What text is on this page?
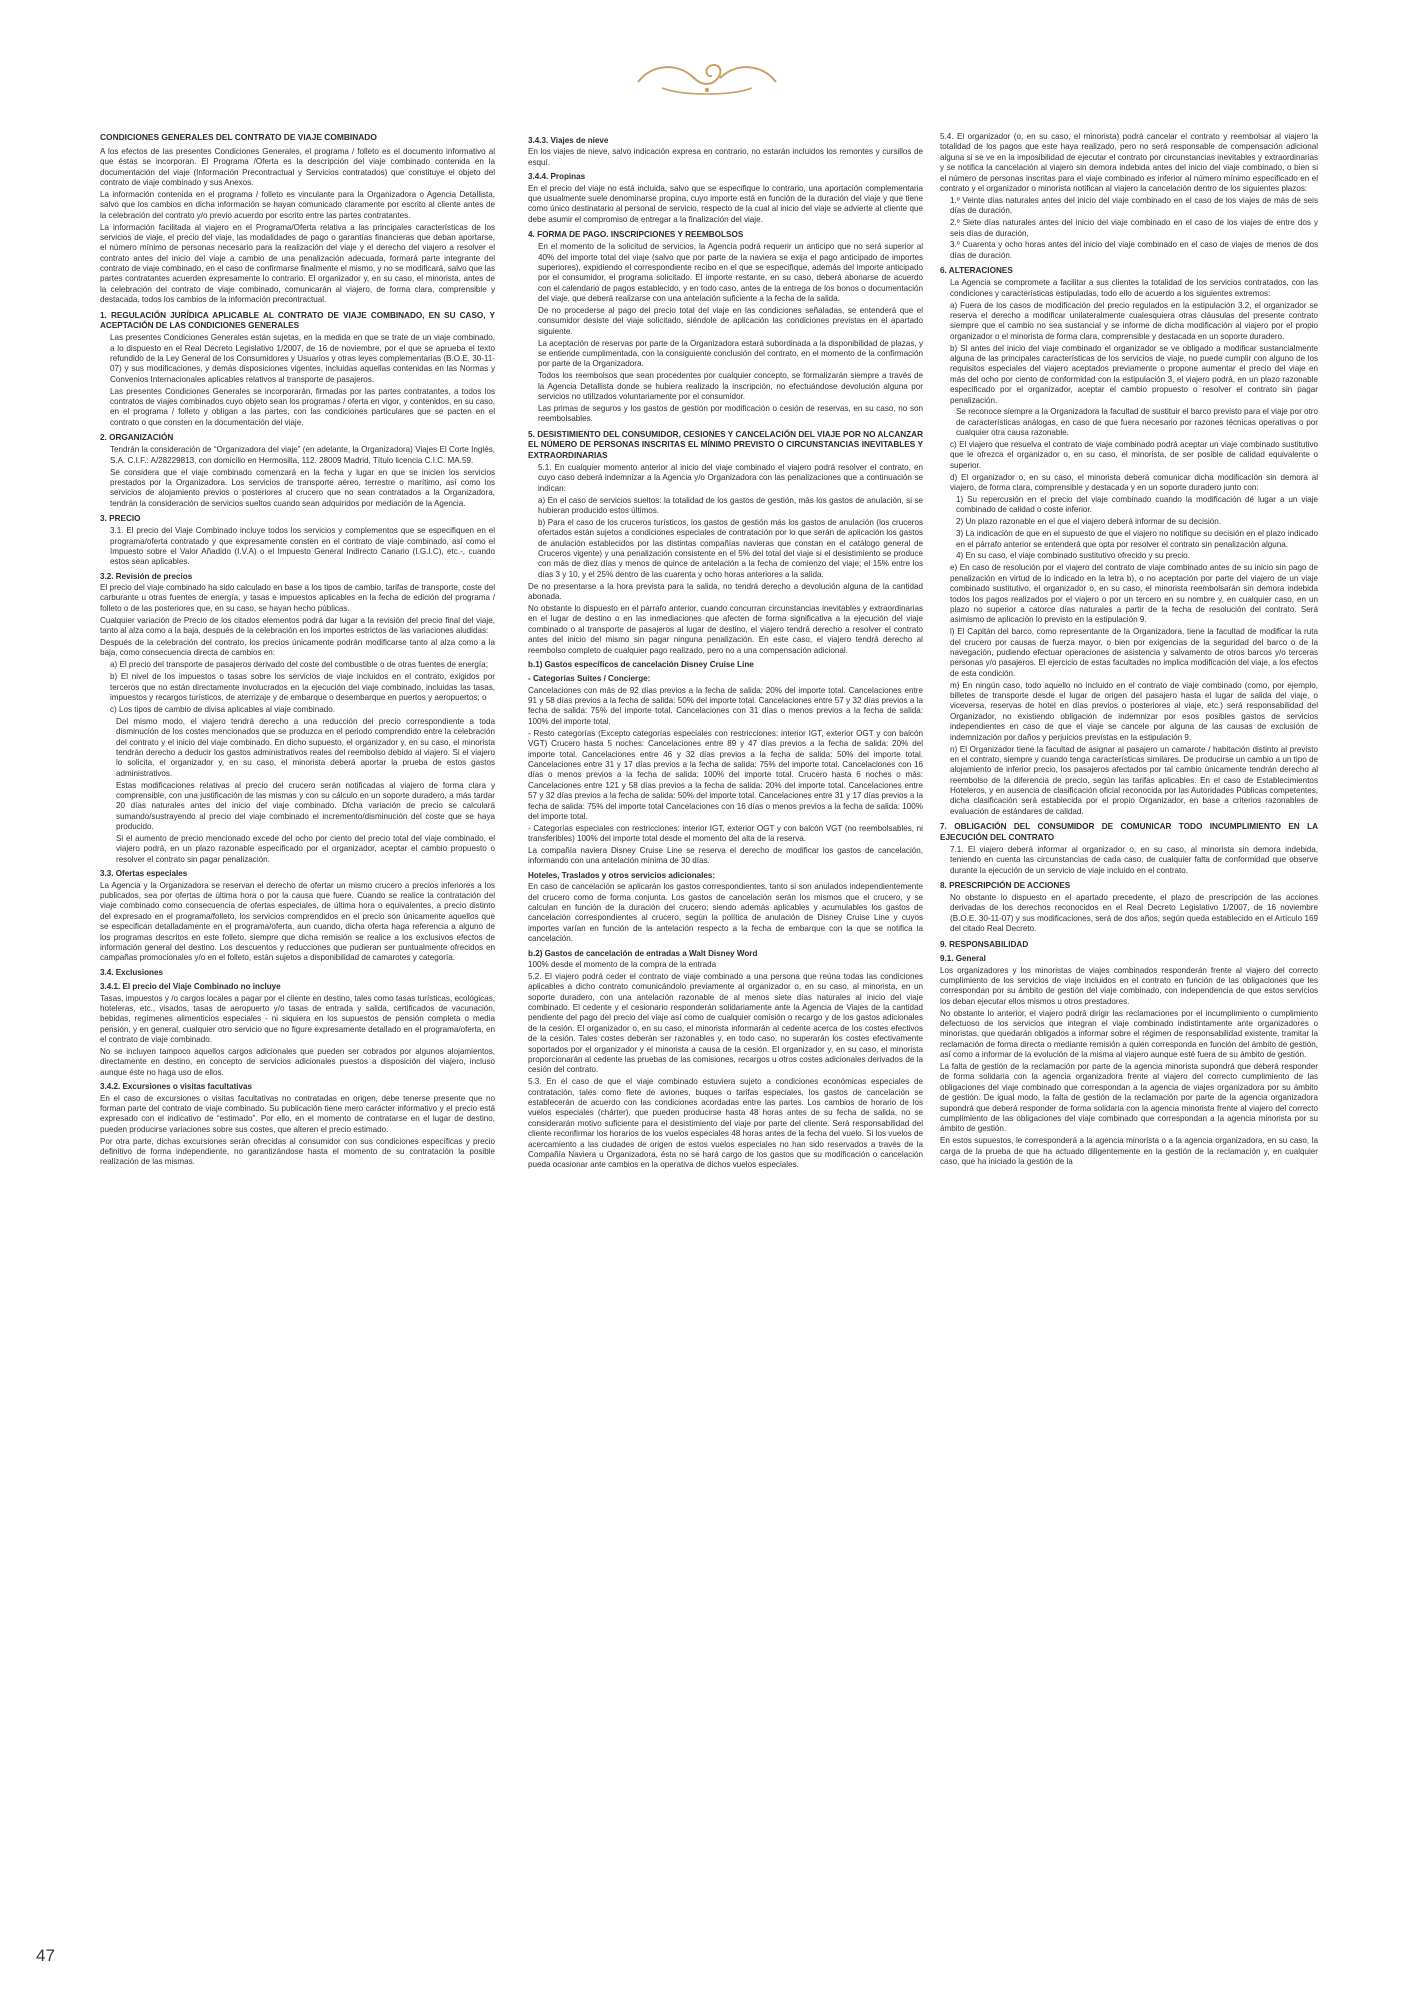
CONDICIONES GENERALES DEL CONTRATO DE VIAJE COMBINADO

A los efectos de las presentes Condiciones Generales, el programa / folleto es el documento informativo al que éstas se incorporan. El Programa /Oferta es la descripción del viaje combinado contenida en la documentación del viaje (Información Precontractual y Servicios contratados) que constituye el objeto del contrato de viaje combinado y sus Anexos.

La información contenida en el programa / folleto es vinculante para la Organizadora o Agencia Detallista, salvo que los cambios en dicha información se hayan comunicado claramente por escrito al cliente antes de la celebración del contrato y/o previo acuerdo por escrito entre las partes contratantes.

La información facilitada al viajero en el Programa/Oferta relativa a las principales características de los servicios de viaje, el precio del viaje, las modalidades de pago o garantías financieras que deban aportarse, el número mínimo de personas necesario para la realización del viaje y el derecho del viajero a resolver el contrato antes del inicio del viaje a cambio de una penalización adecuada, formará parte integrante del contrato de viaje combinado, en el caso de confirmarse finalmente el mismo, y no se modificará, salvo que las partes contratantes acuerden expresamente lo contrario. El organizador y, en su caso, el minorista, antes de la celebración del contrato de viaje combinado, comunicarán al viajero, de forma clara, comprensible y destacada, todos los cambios de la información precontractual.

1. REGULACIÓN JURÍDICA APLICABLE AL CONTRATO DE VIAJE COMBINADO, EN SU CASO, Y ACEPTACIÓN DE LAS CONDICIONES GENERALES

Las presentes Condiciones Generales están sujetas, en la medida en que se trate de un viaje combinado, a lo dispuesto en el Real Decreto Legislativo 1/2007, de 16 de noviembre, por el que se aprueba el texto refundido de la Ley General de los Consumidores y Usuarios y otras leyes complementarias (B.O.E. 30-11-07) y sus modificaciones, y demás disposiciones vigentes, incluidas aquellas contenidas en las Normas y Convenios Internacionales aplicables relativos al transporte de pasajeros.

Las presentes Condiciones Generales se incorporarán, firmadas por las partes contratantes, a todos los contratos de viajes combinados cuyo objeto sean los programas / oferta en vigor, y contenidos, en su caso, en el programa / folleto y obligan a las partes, con las condiciones particulares que se pacten en el contrato o que consten en la documentación del viaje.

2. ORGANIZACIÓN

Tendrán la consideración de “Organizadora del viaje” (en adelante, la Organizadora) Viajes El Corte Inglés, S.A. C.I.F.: A/28229813, con domicilio en Hermosilla, 112. 28009 Madrid, Título licencia C.I.C. MA.59.

Se considera que el viaje combinado comenzará en la fecha y lugar en que se inicien los servicios prestados por la Organizadora. Los servicios de transporte aéreo, terrestre o marítimo, así como los servicios de alojamiento previos o posteriores al crucero que no sean contratados a la Organizadora, tendrán la consideración de servicios sueltos cuando sean adquiridos por mediación de la Agencia.

3. PRECIO

3.1. El precio del Viaje Combinado incluye todos los servicios y complementos que se especifiquen en el programa/oferta contratado y que expresamente consten en el contrato de viaje combinado, así como el Impuesto sobre el Valor Añadido (I.V.A) o el Impuesto General Indirecto Canario (I.G.I.C), etc.-, cuando estos sean aplicables.

3.2. Revisión de precios

El precio del viaje combinado ha sido calculado en base a los tipos de cambio, tarifas de transporte, coste del carburante u otras fuentes de energía, y tasas e impuestos aplicables en la fecha de edición del programa / folleto o de las posteriores que, en su caso, se hayan hecho públicas.

Cualquier variación de Precio de los citados elementos podrá dar lugar a la revisión del precio final del viaje, tanto al alza como a la baja, después de la celebración en los importes estrictos de las variaciones aludidas:

Después de la celebración del contrato, los precios únicamente podrán modificarse tanto al alza como a la baja, como consecuencia directa de cambios en:

a) El precio del transporte de pasajeros derivado del coste del combustible o de otras fuentes de energía;

b) El nivel de los impuestos o tasas sobre los servicios de viaje incluidos en el contrato, exigidos por terceros que no están directamente involucrados en la ejecución del viaje combinado, incluidas las tasas, impuestos y recargos turísticos, de aterrizaje y de embarque o desembarque en puertos y aeropuertos; o

c) Los tipos de cambio de divisa aplicables al viaje combinado.

Del mismo modo, el viajero tendrá derecho a una reducción del precio correspondiente a toda disminución de los costes mencionados que se produzca en el periodo comprendido entre la celebración del contrato y el inicio del viaje combinado. En dicho supuesto, el organizador y, en su caso, el minorista tendrán derecho a deducir los gastos administrativos reales del reembolso debido al viajero. Si el viajero lo solicita, el organizador y, en su caso, el minorista deberá aportar la prueba de estos gastos administrativos.

Estas modificaciones relativas al precio del crucero serán notificadas al viajero de forma clara y comprensible, con una justificación de las mismas y con su cálculo en un soporte duradero, a más tardar 20 días naturales antes del inicio del viaje combinado. Dicha variación de precio se calculará sumando/sustrayendo al precio del viaje combinado el incremento/disminución del coste que se haya producido.

Si el aumento de precio mencionado excede del ocho por ciento del precio total del viaje combinado, el viajero podrá, en un plazo razonable especificado por el organizador, aceptar el cambio propuesto o resolver el contrato sin pagar penalización.

3.3. Ofertas especiales

La Agencia y la Organizadora se reservan el derecho de ofertar un mismo crucero a precios inferiores a los publicados, sea por ofertas de última hora o por la causa que fuere. Cuando se realice la contratación del viaje combinado como consecuencia de ofertas especiales, de última hora o equivalentes, a precio distinto del expresado en el programa/folleto, los servicios comprendidos en el precio son únicamente aquellos que se especifican detalladamente en el programa/oferta, aun cuando, dicha oferta haga referencia a alguno de los programas descritos en este folleto, siempre que dicha remisión se realice a los exclusivos efectos de información general del destino. Los descuentos y reducciones que pudieran ser puntualmente ofrecidos en campañas promocionales y/o en el folleto, están sujetos a disponibilidad de camarotes y categoría.

3.4. Exclusiones
3.4.1. El precio del Viaje Combinado no incluye

Tasas, impuestos y /o cargos locales a pagar por el cliente en destino, tales como tasas turísticas, ecológicas, hoteleras, etc., visados, tasas de aeropuerto y/o tasas de entrada y salida, certificados de vacunación, bebidas, regímenes alimenticios especiales - ni siquiera en los supuestos de pensión completa o media pensión, y en general, cualquier otro servicio que no figure expresamente detallado en el programa/oferta, en el contrato de viaje combinado.

No se incluyen tampoco aquellos cargos adicionales que pueden ser cobrados por algunos alojamientos, directamente en destino, en concepto de servicios adicionales puestos a disposición del viajero, incluso aunque éste no haga uso de ellos.

3.4.2. Excursiones o visitas facultativas

En el caso de excursiones o visitas facultativas no contratadas en origen, debe tenerse presente que no forman parte del contrato de viaje combinado. Su publicación tiene mero carácter informativo y el precio está expresado con el indicativo de “estimado”. Por ello, en el momento de contratarse en el lugar de destino, pueden producirse variaciones sobre sus costes, que alteren el precio estimado.

Por otra parte, dichas excursiones serán ofrecidas al consumidor con sus condiciones específicas y precio definitivo de forma independiente, no garantizándose hasta el momento de su contratación la posible realización de las mismas.

3.4.3. Viajes de nieve

En los viajes de nieve, salvo indicación expresa en contrario, no estarán incluidos los remontes y cursillos de esquí.

3.4.4. Propinas

En el precio del viaje no está incluida, salvo que se especifique lo contrario, una aportación complementaria que usualmente suele denominarse propina, cuyo importe está en función de la duración del viaje y que tiene como único destinatario al personal de servicio, respecto de la cual al inicio del viaje se advierte al cliente que debe asumir el compromiso de entregar a la finalización del viaje.

4. FORMA DE PAGO. INSCRIPCIONES Y REEMBOLSOS

En el momento de la solicitud de servicios, la Agencia podrá requerir un anticipo que no será superior al 40% del importe total del viaje (salvo que por parte de la naviera se exija el pago anticipado de importes superiores), expidiendo el correspondiente recibo en el que se especifique, además del importe anticipado por el consumidor, el programa solicitado. El importe restante, en su caso, deberá abonarse de acuerdo con el calendario de pagos establecido, y en todo caso, antes de la entrega de los bonos o documentación del viaje, que deberá realizarse con una antelación suficiente a la fecha de la salida.

De no procederse al pago del precio total del viaje en las condiciones señaladas, se entenderá que el consumidor desiste del viaje solicitado, siéndole de aplicación las condiciones previstas en el apartado siguiente.

La aceptación de reservas por parte de la Organizadora estará subordinada a la disponibilidad de plazas, y se entiende cumplimentada, con la consiguiente conclusión del contrato, en el momento de la confirmación por parte de la Organizadora.

Todos los reembolsos que sean procedentes por cualquier concepto, se formalizarán siempre a través de la Agencia Detallista donde se hubiera realizado la inscripción, no efectuándose devolución alguna por servicios no utilizados voluntariamente por el consumidor.

Las primas de seguros y los gastos de gestión por modificación o cesión de reservas, en su caso, no son reembolsables.

5. DESISTIMIENTO DEL CONSUMIDOR, CESIONES Y CANCELACIÓN DEL VIAJE POR NO ALCANZAR EL NÚMERO DE PERSONAS INSCRITAS EL MÍNIMO PREVISTO O CIRCUNSTANCIAS INEVITABLES Y EXTRAORDINARIAS

5.1. En cualquier momento anterior al inicio del viaje combinado el viajero podrá resolver el contrato, en cuyo caso deberá indemnizar a la Agencia y/o Organizadora con las penalizaciones que a continuación se indican:

a) En el caso de servicios sueltos: la totalidad de los gastos de gestión, más los gastos de anulación, si se hubieran producido estos últimos.

b) Para el caso de los cruceros turísticos, los gastos de gestión más los gastos de anulación (los cruceros ofertados están sujetos a condiciones especiales de contratación por lo que serán de aplicación los gastos de anulación establecidos por las distintas compañías navieras que constan en el catálogo general de Cruceros vigente) y una penalización consistente en el 5% del total del viaje si el desistimiento se produce con más de diez días y menos de quince de antelación a la fecha de comienzo del viaje; el 15% entre los días 3 y 10, y el 25% dentro de las cuarenta y ocho horas anteriores a la salida.

De no presentarse a la hora prevista para la salida, no tendrá derecho a devolución alguna de la cantidad abonada.

No obstante lo dispuesto en el párrafo anterior, cuando concurran circunstancias inevitables y extraordinarias en el lugar de destino o en las inmediaciones que afecten de forma significativa a la ejecución del viaje combinado o al transporte de pasajeros al lugar de destino, el viajero tendrá derecho a resolver el contrato antes del inicio del mismo sin pagar ninguna penalización. En este caso, el viajero tendrá derecho al reembolso completo de cualquier pago realizado, pero no a una compensación adicional.

b.1) Gastos específicos de cancelación Disney Cruise Line
- Categorías Suites / Concierge:

Cancelaciones con más de 92 días previos a la fecha de salida: 20% del importe total. Cancelaciones entre 91 y 58 días previos a la fecha de salida: 50% del importe total. Cancelaciones entre 57 y 32 días previos a la fecha de salida: 75% del importe total. Cancelaciones con 31 días o menos previos a la fecha de salida: 100% del importe total.

- Resto categorías (Excepto categorías especiales con restricciones: interior IGT, exterior OGT y con balcón VGT) Crucero hasta 5 noches: Cancelaciones entre 89 y 47 días previos a la fecha de salida: 20% del importe total. Cancelaciones entre 46 y 32 días previos a la fecha de salida: 50% del importe total. Cancelaciones entre 31 y 17 días previos a la fecha de salida: 75% del importe total. Cancelaciones con 16 días o menos previos a la fecha de salida: 100% del importe total. Crucero hasta 6 noches o más: Cancelaciones entre 121 y 58 días previos a la fecha de salida: 20% del importe total. Cancelaciones entre 57 y 32 días previos a la fecha de salida: 50% del importe total. Cancelaciones entre 31 y 17 días previos a la fecha de salida: 75% del importe total Cancelaciones con 16 días o menos previos a la fecha de salida: 100% del importe total.

- Categorías especiales con restricciones: interior IGT, exterior OGT y con balcón VGT (no reembolsables, ni transferibles) 100% del importe total desde el momento del alta de la reserva.

La compañía naviera Disney Cruise Line se reserva el derecho de modificar los gastos de cancelación, informando con una antelación mínima de 30 días.

Hoteles, Traslados y otros servicios adicionales:

En caso de cancelación se aplicarán los gastos correspondientes, tanto si son anulados independientemente del crucero como de forma conjunta. Los gastos de cancelación serán los mismos que el crucero, y se calculan en función de la duración del crucero; siendo además aplicables y acumulables los gastos de cancelación correspondientes al crucero, según la política de anulación de Disney Cruise Line y cuyos importes varían en función de la antelación respecto a la fecha de embarque con la que se notifica la cancelación.

b.2) Gastos de cancelación de entradas a Walt Disney Word

100% desde el momento de la compra de la entrada

5.2. El viajero podrá ceder el contrato de viaje combinado a una persona que reúna todas las condiciones aplicables a dicho contrato comunicándolo previamente al organizador o, en su caso, al minorista, en un soporte duradero, con una antelación razonable de al menos siete días naturales al inicio del viaje combinado. El cedente y el cesionario responderán solidariamente ante la Agencia de Viajes de la cantidad pendiente del pago del precio del viaje así como de cualquier comisión o recargo y de los gastos adicionales de la cesión. El organizador o, en su caso, el minorista informarán al cedente acerca de los costes efectivos de la cesión. Tales costes deberán ser razonables y, en todo caso, no superarán los costes efectivamente soportados por el organizador y el minorista a causa de la cesión. El organizador y, en su caso, el minorista proporcionarán al cedente las pruebas de las comisiones, recargos u otros costes adicionales derivados de la cesión del contrato.

5.3. En el caso de que el viaje combinado estuviera sujeto a condiciones económicas especiales de contratación, tales como flete de aviones, buques o tarifas especiales, los gastos de cancelación se establecerán de acuerdo con las condiciones acordadas entre las partes. Los cambios de horario de los vuelos especiales (chárter), que pueden producirse hasta 48 horas antes de su fecha de salida, no se considerarán motivo suficiente para el desistimiento del viaje por parte del cliente. Será responsabilidad del cliente reconfirmar los horarios de los vuelos especiales 48 horas antes de la fecha del vuelo. Si los vuelos de acercamiento a las ciudades de origen de estos vuelos especiales no han sido reservados a través de la Compañía Naviera u Organizadora, ésta no se hará cargo de los gastos que su modificación o cancelación pueda ocasionar ante cambios en la operativa de dichos vuelos especiales.

5.4. El organizador (o, en su caso, el minorista) podrá cancelar el contrato y reembolsar al viajero la totalidad de los pagos que este haya realizado, pero no será responsable de compensación adicional alguna si se ve en la imposibilidad de ejecutar el contrato por circunstancias inevitables y extraordinarias y se notifica la cancelación al viajero sin demora indebida antes del inicio del viaje combinado, o bien si el número de personas inscritas para el viaje combinado es inferior al número mínimo especificado en el contrato y el organizador o minorista notifican al viajero la cancelación dentro de los siguientes plazos:

1.º Veinte días naturales antes del inicio del viaje combinado en el caso de los viajes de más de seis días de duración,

2.º Siete días naturales antes del inicio del viaje combinado en el caso de los viajes de entre dos y seis días de duración,

3.º Cuarenta y ocho horas antes del inicio del viaje combinado en el caso de viajes de menos de dos días de duración.

6. ALTERACIONES

La Agencia se compromete a facilitar a sus clientes la totalidad de los servicios contratados, con las condiciones y características estipuladas, todo ello de acuerdo a los siguientes extremos:

a) Fuera de los casos de modificación del precio regulados en la estipulación 3.2, el organizador se reserva el derecho a modificar unilateralmente cualesquiera otras cláusulas del presente contrato siempre que el cambio no sea sustancial y se informe de dicha modificación al viajero por el propio organizador o el minorista de forma clara, comprensible y destacada en un soporte duradero.

b) Si antes del inicio del viaje combinado el organizador se ve obligado a modificar sustancialmente alguna de las principales características de los servicios de viaje, no puede cumplir con alguno de los requisitos especiales del viajero aceptados previamente o propone aumentar el precio del viaje en más del ocho por ciento de conformidad con la estipulación 3, el viajero podrá, en un plazo razonable especificado por el organizador, aceptar el cambio propuesto o resolver el contrato sin pagar penalización.

Se reconoce siempre a la Organizadora la facultad de sustituir el barco previsto para el viaje por otro de características análogas, en caso de que fuera necesario por razones técnicas operativas o por cualquier otra causa razonable.

c) El viajero que resuelva el contrato de viaje combinado podrá aceptar un viaje combinado sustitutivo que le ofrezca el organizador o, en su caso, el minorista, de ser posible de calidad equivalente o superior.

d) El organizador o, en su caso, el minorista deberá comunicar dicha modificación sin demora al viajero, de forma clara, comprensible y destacada y en un soporte duradero junto con:

1) Su repercusión en el precio del viaje combinado cuando la modificación dé lugar a un viaje combinado de calidad o coste inferior.

2) Un plazo razonable en el que el viajero deberá informar de su decisión.

3) La indicación de que en el supuesto de que el viajero no notifique su decisión en el plazo indicado en el párrafo anterior se entenderá que opta por resolver el contrato sin penalización alguna.

4) En su caso, el viaje combinado sustitutivo ofrecido y su precio.

e) En caso de resolución por el viajero del contrato de viaje combinado antes de su inicio sin pago de penalización en virtud de lo indicado en la letra b), o no aceptación por parte del viajero de un viaje combinado sustitutivo, el organizador o, en su caso, el minorista reembolsarán sin demora indebida todos los pagos realizados por el viajero o por un tercero en su nombre y, en cualquier caso, en un plazo no superior a catorce días naturales a partir de la fecha de resolución del contrato. Será asimismo de aplicación lo previsto en la estipulación 9.

l) El Capitán del barco, como representante de la Organizadora, tiene la facultad de modificar la ruta del crucero por causas de fuerza mayor, o bien por exigencias de la seguridad del barco o de la navegación, pudiendo efectuar operaciones de asistencia y salvamento de otros barcos y/o terceras personas y/o pasajeros. El ejercicio de estas facultades no implica modificación del viaje, a los efectos de esta condición.

m) En ningún caso, todo aquello no incluido en el contrato de viaje combinado (como, por ejemplo, billetes de transporte desde el lugar de origen del pasajero hasta el lugar de salida del viaje, o viceversa, reservas de hotel en días previos o posteriores al viaje, etc.) será responsabilidad del Organizador, no existiendo obligación de indemnizar por esos posibles gastos de servicios independientes en caso de que el viaje se cancele por alguna de las causas de exclusión de indemnización por daños y perjuicios previstas en la estipulación 9.

n) El Organizador tiene la facultad de asignar al pasajero un camarote / habitación distinto al previsto en el contrato, siempre y cuando tenga características similares. De producirse un cambio a un tipo de alojamiento de inferior precio, los pasajeros afectados por tal cambio únicamente tendrán derecho al reembolso de la diferencia de precio, según las tarifas aplicables. En el caso de Establecimientos Hoteleros, y en ausencia de clasificación oficial reconocida por las Autoridades Públicas competentes, dicha clasificación será establecida por el propio Organizador, en base a criterios razonables de evaluación de estándares de calidad.

7. OBLIGACIÓN DEL CONSUMIDOR DE COMUNICAR TODO INCUMPLIMIENTO EN LA EJECUCIÓN DEL CONTRATO

7.1. El viajero deberá informar al organizador o, en su caso, al minorista sin demora indebida, teniendo en cuenta las circunstancias de cada caso, de cualquier falta de conformidad que observe durante la ejecución de un servicio de viaje incluido en el contrato.

8. PRESCRIPCIÓN DE ACCIONES

No obstante lo dispuesto en el apartado precedente, el plazo de prescripción de las acciones derivadas de los derechos reconocidos en el Real Decreto Legislativo 1/2007, de 16 noviembre (B.O.E. 30-11-07) y sus modificaciones, será de dos años, según queda establecido en el Artículo 169 del citado Real Decreto.

9. RESPONSABILIDAD
9.1. General

Los organizadores y los minoristas de viajes combinados responderán frente al viajero del correcto cumplimiento de los servicios de viaje incluidos en el contrato en función de las obligaciones que les correspondan por su ámbito de gestión del viaje combinado, con independencia de que estos servicios los deban ejecutar ellos mismos u otros prestadores.

No obstante lo anterior, el viajero podrá dirigir las reclamaciones por el incumplimiento o cumplimiento defectuoso de los servicios que integran el viaje combinado indistintamente ante organizadores o minoristas, que quedarán obligados a informar sobre el régimen de responsabilidad existente, tramitar la reclamación de forma directa o mediante remisión a quien corresponda en función del ámbito de gestión, así como a informar de la evolución de la misma al viajero aunque esté fuera de su ámbito de gestión.

La falta de gestión de la reclamación por parte de la agencia minorista supondrá que deberá responder de forma solidaria con la agencia organizadora frente al viajero del correcto cumplimiento de las obligaciones del viaje combinado que correspondan a la agencia de viajes organizadora por su ámbito de gestión. De igual modo, la falta de gestión de la reclamación por parte de la agencia organizadora supondrá que deberá responder de forma solidaria con la agencia minorista frente al viajero del correcto cumplimiento de las obligaciones del viaje combinado que correspondan a la agencia minorista por su ámbito de gestión.

En estos supuestos, le corresponderá a la agencia minorista o a la agencia organizadora, en su caso, la carga de la prueba de que ha actuado diligentemente en la gestión de la reclamación y, en cualquier caso, que ha iniciado la gestión de la

47
